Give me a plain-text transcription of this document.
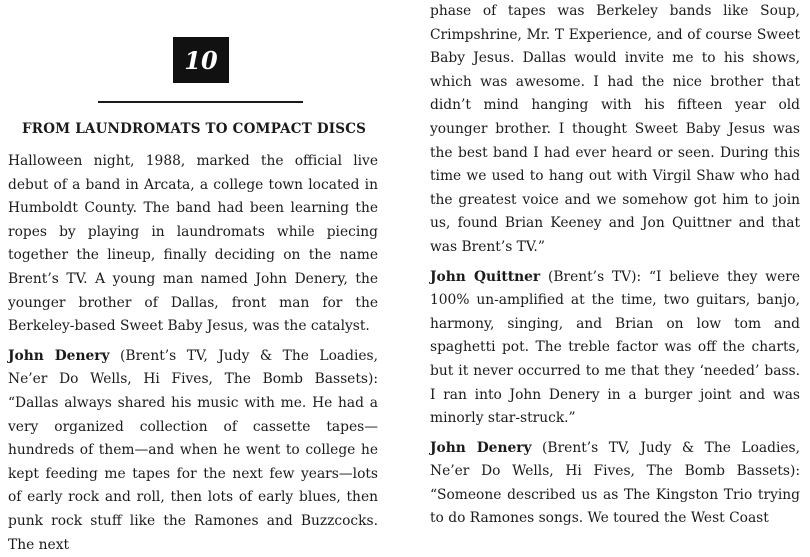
10
FROM LAUNDROMATS TO COMPACT DISCS

Halloween night, 1988, marked the official live debut of a band in Arcata, a college town located in Humboldt County. The band had been learning the ropes by playing in laundromats while piecing together the lineup, finally deciding on the name Brent’s TV. A young man named John Denery, the younger brother of Dallas, front man for the Berkeley-based Sweet Baby Jesus, was the catalyst.

John Denery (Brent’s TV, Judy & The Loadies, Ne’er Do Wells, Hi Fives, The Bomb Bassets): “Dallas always shared his music with me. He had a very organized collection of cassette tapes—hundreds of them—and when he went to college he kept feeding me tapes for the next few years—lots of early rock and roll, then lots of early blues, then punk rock stuff like the Ramones and Buzzcocks. The next

phase of tapes was Berkeley bands like Soup, Crimpshrine, Mr. T Experience, and of course Sweet Baby Jesus. Dallas would invite me to his shows, which was awesome. I had the nice brother that didn’t mind hanging with his fifteen year old younger brother. I thought Sweet Baby Jesus was the best band I had ever heard or seen. During this time we used to hang out with Virgil Shaw who had the greatest voice and we somehow got him to join us, found Brian Keeney and Jon Quittner and that was Brent’s TV.”

John Quittner (Brent’s TV): “I believe they were 100% un-amplified at the time, two guitars, banjo, harmony, singing, and Brian on low tom and spaghetti pot. The treble factor was off the charts, but it never occurred to me that they ‘needed’ bass. I ran into John Denery in a burger joint and was minorly star-struck.”

John Denery (Brent’s TV, Judy & The Loadies, Ne’er Do Wells, Hi Fives, The Bomb Bassets): “Someone described us as The Kingston Trio trying to do Ramones songs. We toured the West Coast
